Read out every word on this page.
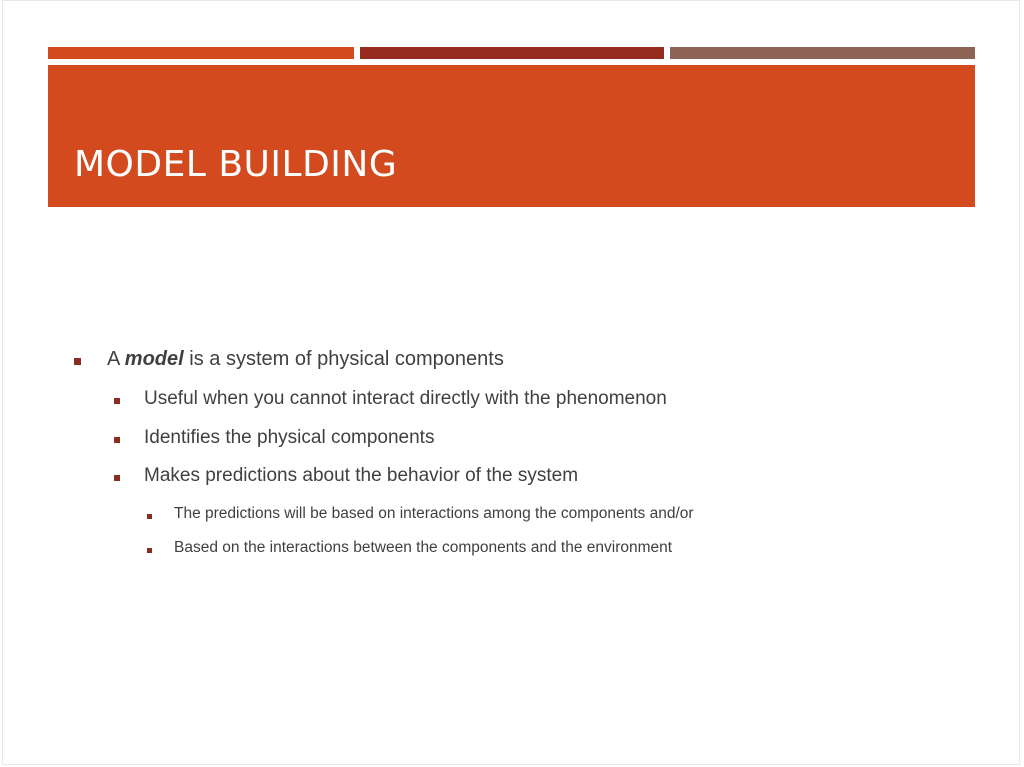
MODEL BUILDING
A model is a system of physical components
Useful when you cannot interact directly with the phenomenon
Identifies the physical components
Makes predictions about the behavior of the system
The predictions will be based on interactions among the components and/or
Based on the interactions between the components and the environment
